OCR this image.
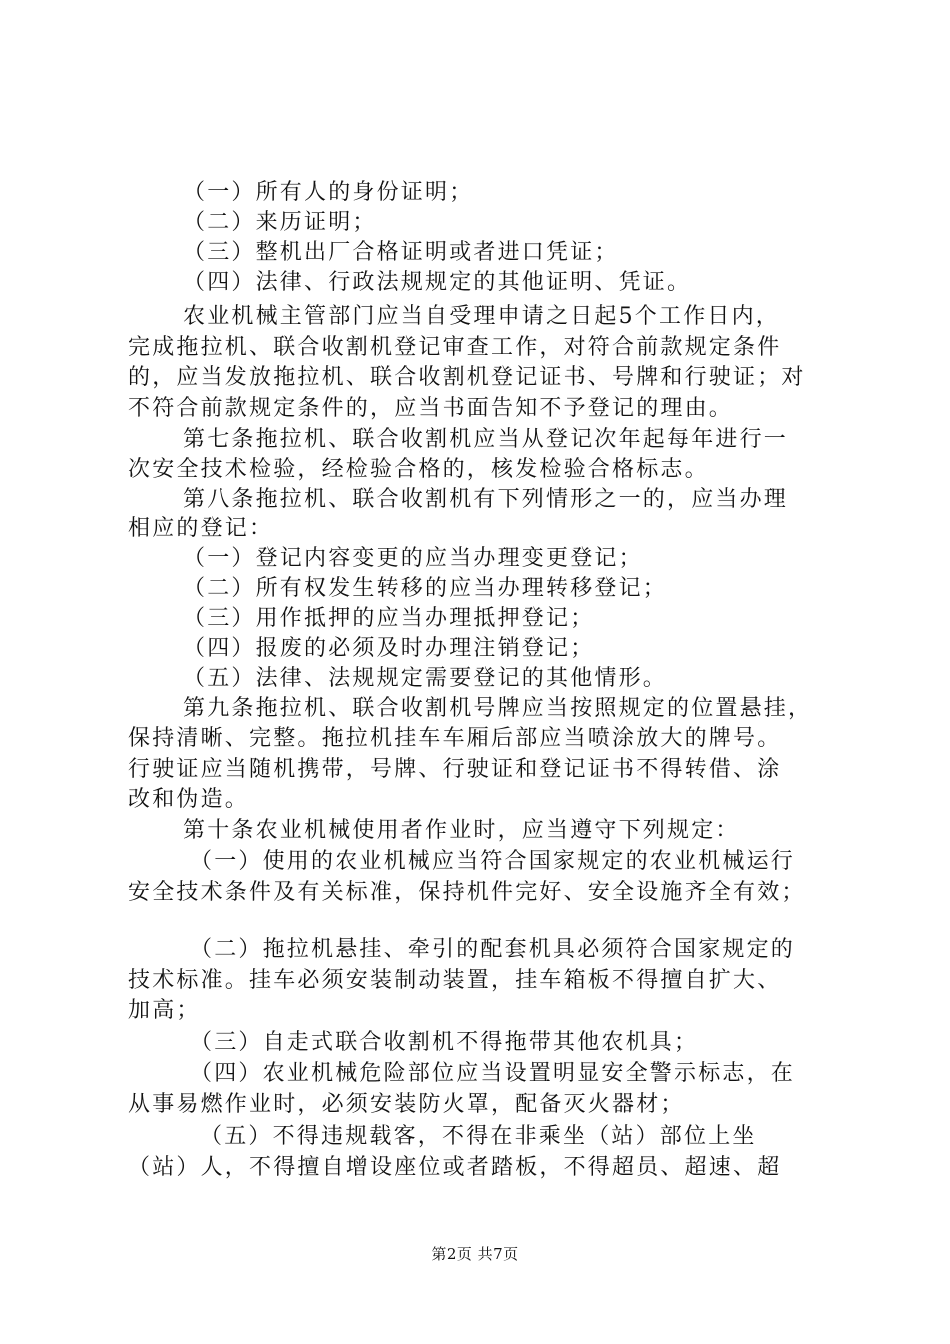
（一）所有人的身份证明；
（二）来历证明；
（三）整机出厂合格证明或者进口凭证；
（四）法律、行政法规规定的其他证明、凭证。
农业机械主管部门应当自受理申请之日起5个工作日内，
完成拖拉机、联合收割机登记审查工作，对符合前款规定条件
的，应当发放拖拉机、联合收割机登记证书、号牌和行驶证；对
不符合前款规定条件的，应当书面告知不予登记的理由。
第七条拖拉机、联合收割机应当从登记次年起每年进行一
次安全技术检验，经检验合格的，核发检验合格标志。
第八条拖拉机、联合收割机有下列情形之一的，应当办理
相应的登记：
（一）登记内容变更的应当办理变更登记；
（二）所有权发生转移的应当办理转移登记；
（三）用作抵押的应当办理抵押登记；
（四）报废的必须及时办理注销登记；
（五）法律、法规规定需要登记的其他情形。
第九条拖拉机、联合收割机号牌应当按照规定的位置悬挂，
保持清晰、完整。拖拉机挂车车厢后部应当喷涂放大的牌号。
行驶证应当随机携带，号牌、行驶证和登记证书不得转借、涂
改和伪造。
第十条农业机械使用者作业时，应当遵守下列规定：
（一）使用的农业机械应当符合国家规定的农业机械运行
安全技术条件及有关标准，保持机件完好、安全设施齐全有效；
（二）拖拉机悬挂、牵引的配套机具必须符合国家规定的
技术标准。挂车必须安装制动装置，挂车箱板不得擅自扩大、
加高；
（三）自走式联合收割机不得拖带其他农机具；
（四）农业机械危险部位应当设置明显安全警示标志，在
从事易燃作业时，必须安装防火罩，配备灭火器材；
（五）不得违规载客，不得在非乘坐（站）部位上坐
（站）人，不得擅自增设座位或者踏板，不得超员、超速、超
第2页 共7页
